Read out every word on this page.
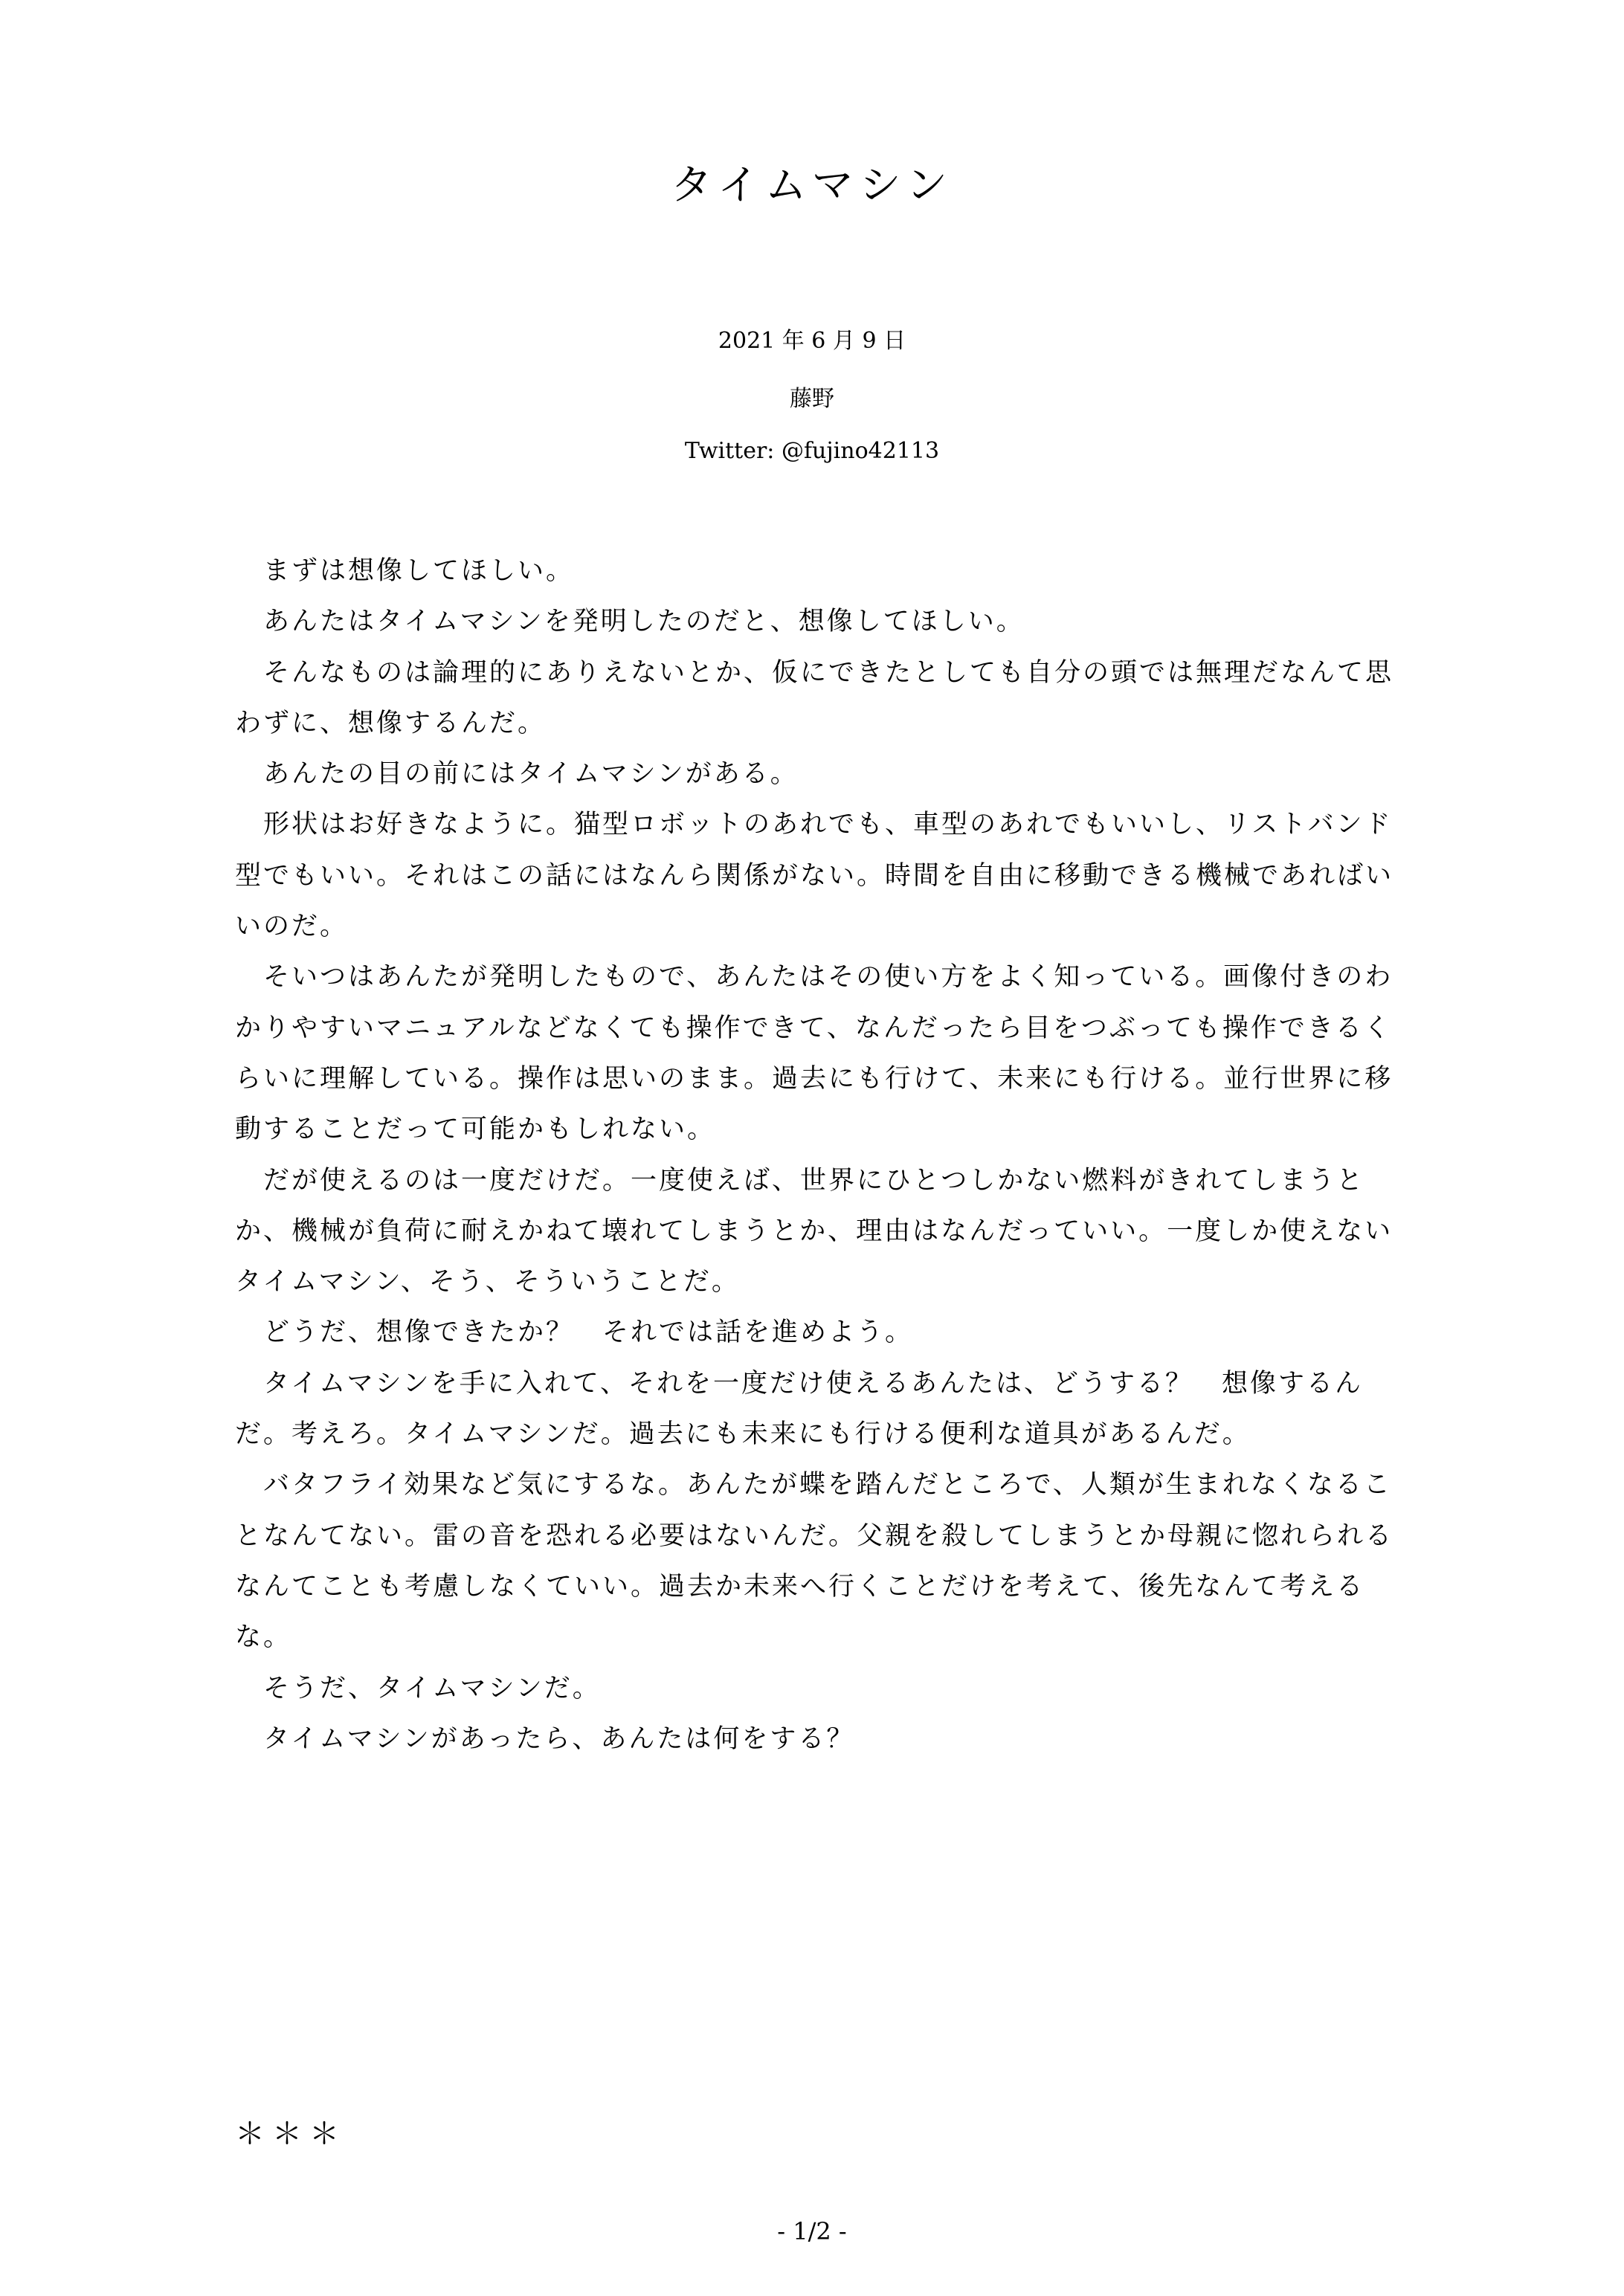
タイムマシン

2021 年 6 月 9 日

藤野

Twitter: @fujino42113

まずは想像してほしい。

あんたはタイムマシンを発明したのだと、想像してほしい。

そんなものは論理的にありえないとか、仮にできたとしても自分の頭では無理だなんて思わずに、想像するんだ。

あんたの目の前にはタイムマシンがある。

形状はお好きなように。猫型ロボットのあれでも、車型のあれでもいいし、リストバンド型でもいい。それはこの話にはなんら関係がない。時間を自由に移動できる機械であればいいのだ。

そいつはあんたが発明したもので、あんたはその使い方をよく知っている。画像付きのわかりやすいマニュアルなどなくても操作できて、なんだったら目をつぶっても操作できるくらいに理解している。操作は思いのまま。過去にも行けて、未来にも行ける。並行世界に移動することだって可能かもしれない。

だが使えるのは一度だけだ。一度使えば、世界にひとつしかない燃料がきれてしまうとか、機械が負荷に耐えかねて壊れてしまうとか、理由はなんだっていい。一度しか使えないタイムマシン、そう、そういうことだ。

どうだ、想像できたか？　それでは話を進めよう。

タイムマシンを手に入れて、それを一度だけ使えるあんたは、どうする？　想像するんだ。考えろ。タイムマシンだ。過去にも未来にも行ける便利な道具があるんだ。

バタフライ効果など気にするな。あんたが蝶を踏んだところで、人類が生まれなくなることなんてない。雷の音を恐れる必要はないんだ。父親を殺してしまうとか母親に惚れられるなんてことも考慮しなくていい。過去か未来へ行くことだけを考えて、後先なんて考えるな。

そうだ、タイムマシンだ。

タイムマシンがあったら、あんたは何をする？

＊＊＊

- 1/2 -
